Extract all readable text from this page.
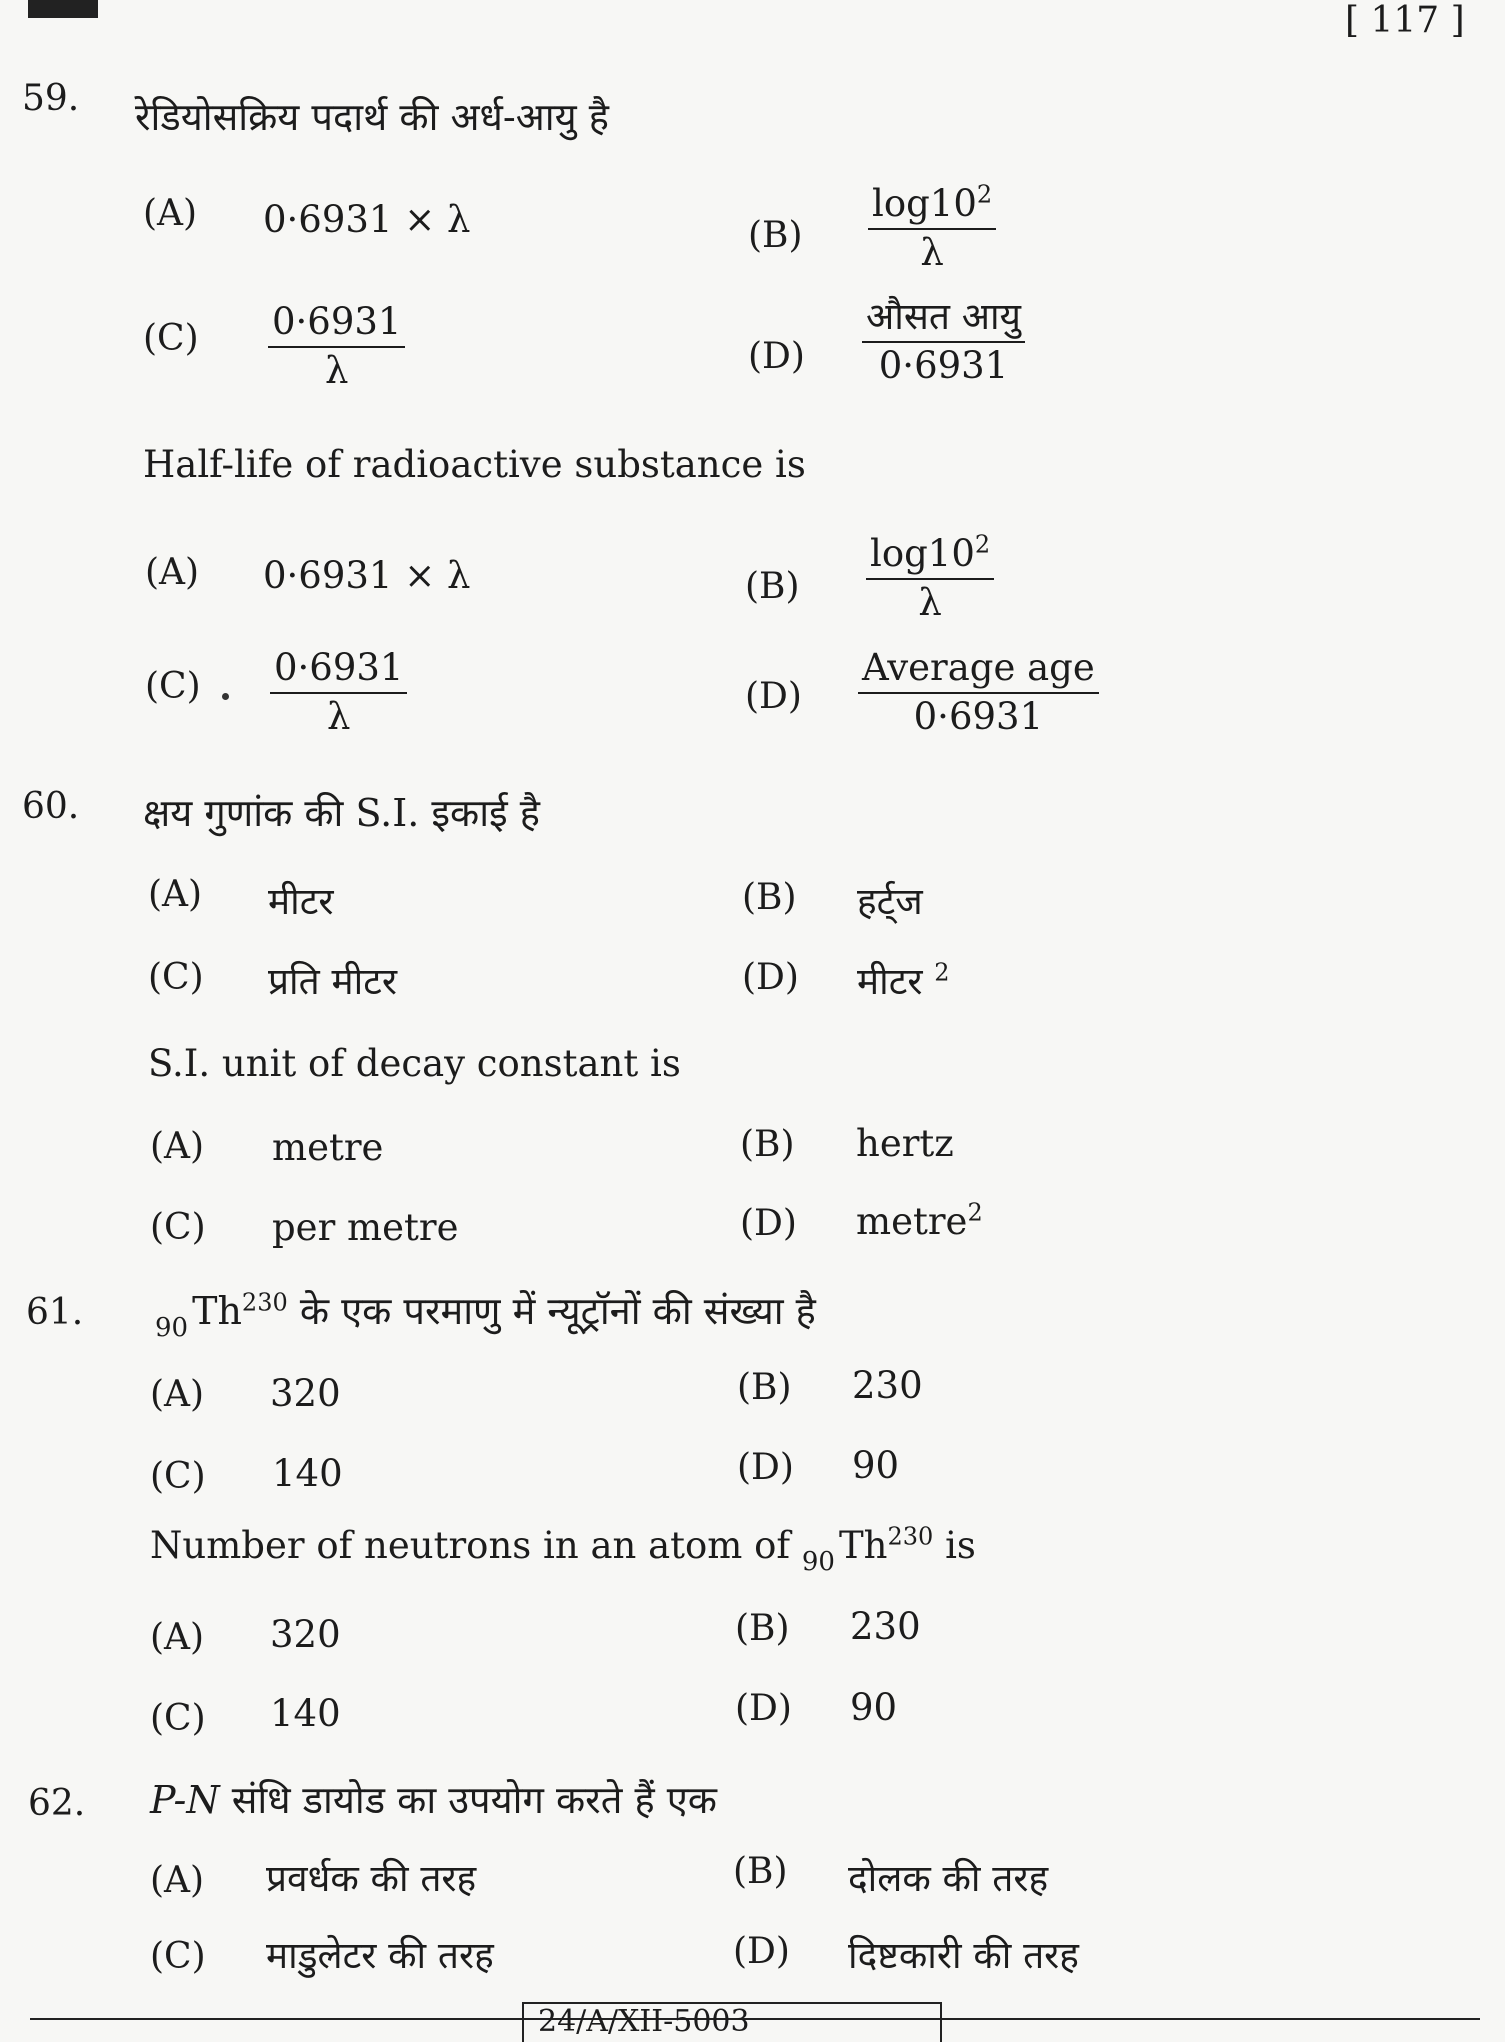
[ 117 ]
59. रेडियोसक्रिय पदार्थ की अर्ध-आयु है
(A) 0·6931 × λ	$(B) \frac{\log 10^2}{\lambda}$
$(C) \frac{0\cdot 6931}{\lambda}$	(D)
औसत आयु
0·6931
Half-life of radioactive substance is
(A) 0·6931 × λ	$(B) \frac{\log 10^2}{\lambda}$
$(C) \frac{0\cdot 6931}{\lambda}$	(D)
Average age
0·6931
60. क्षय गुणांक की S.I. इकाई है
(A) मीटर	(B) हर्ट्ज
(C) प्रति मीटर	(D) मीटर $^2$
S.I. unit of decay constant is
(A) metre	(B) hertz
(C) per metre	(D) metre$^2$
61.	$_{90}$ Th$^{230}$ के एक परमाणु में न्यूट्रॉनों की संख्या है
(A) 320	(B) 230
(C) 140	(D) 90
Number of neutrons in an atom of $_{90}$ Th$^{230}$ is
(A) 320	(B) 230
(C) 140	(D) 90
62. P-N संधि डायोड का उपयोग करते हैं एक
(A) प्रवर्धक की तरह	(B) दोलक की तरह
(C) माडुलेटर की तरह	(D) दिष्टकारी की तरह
24/A/XII-5003
